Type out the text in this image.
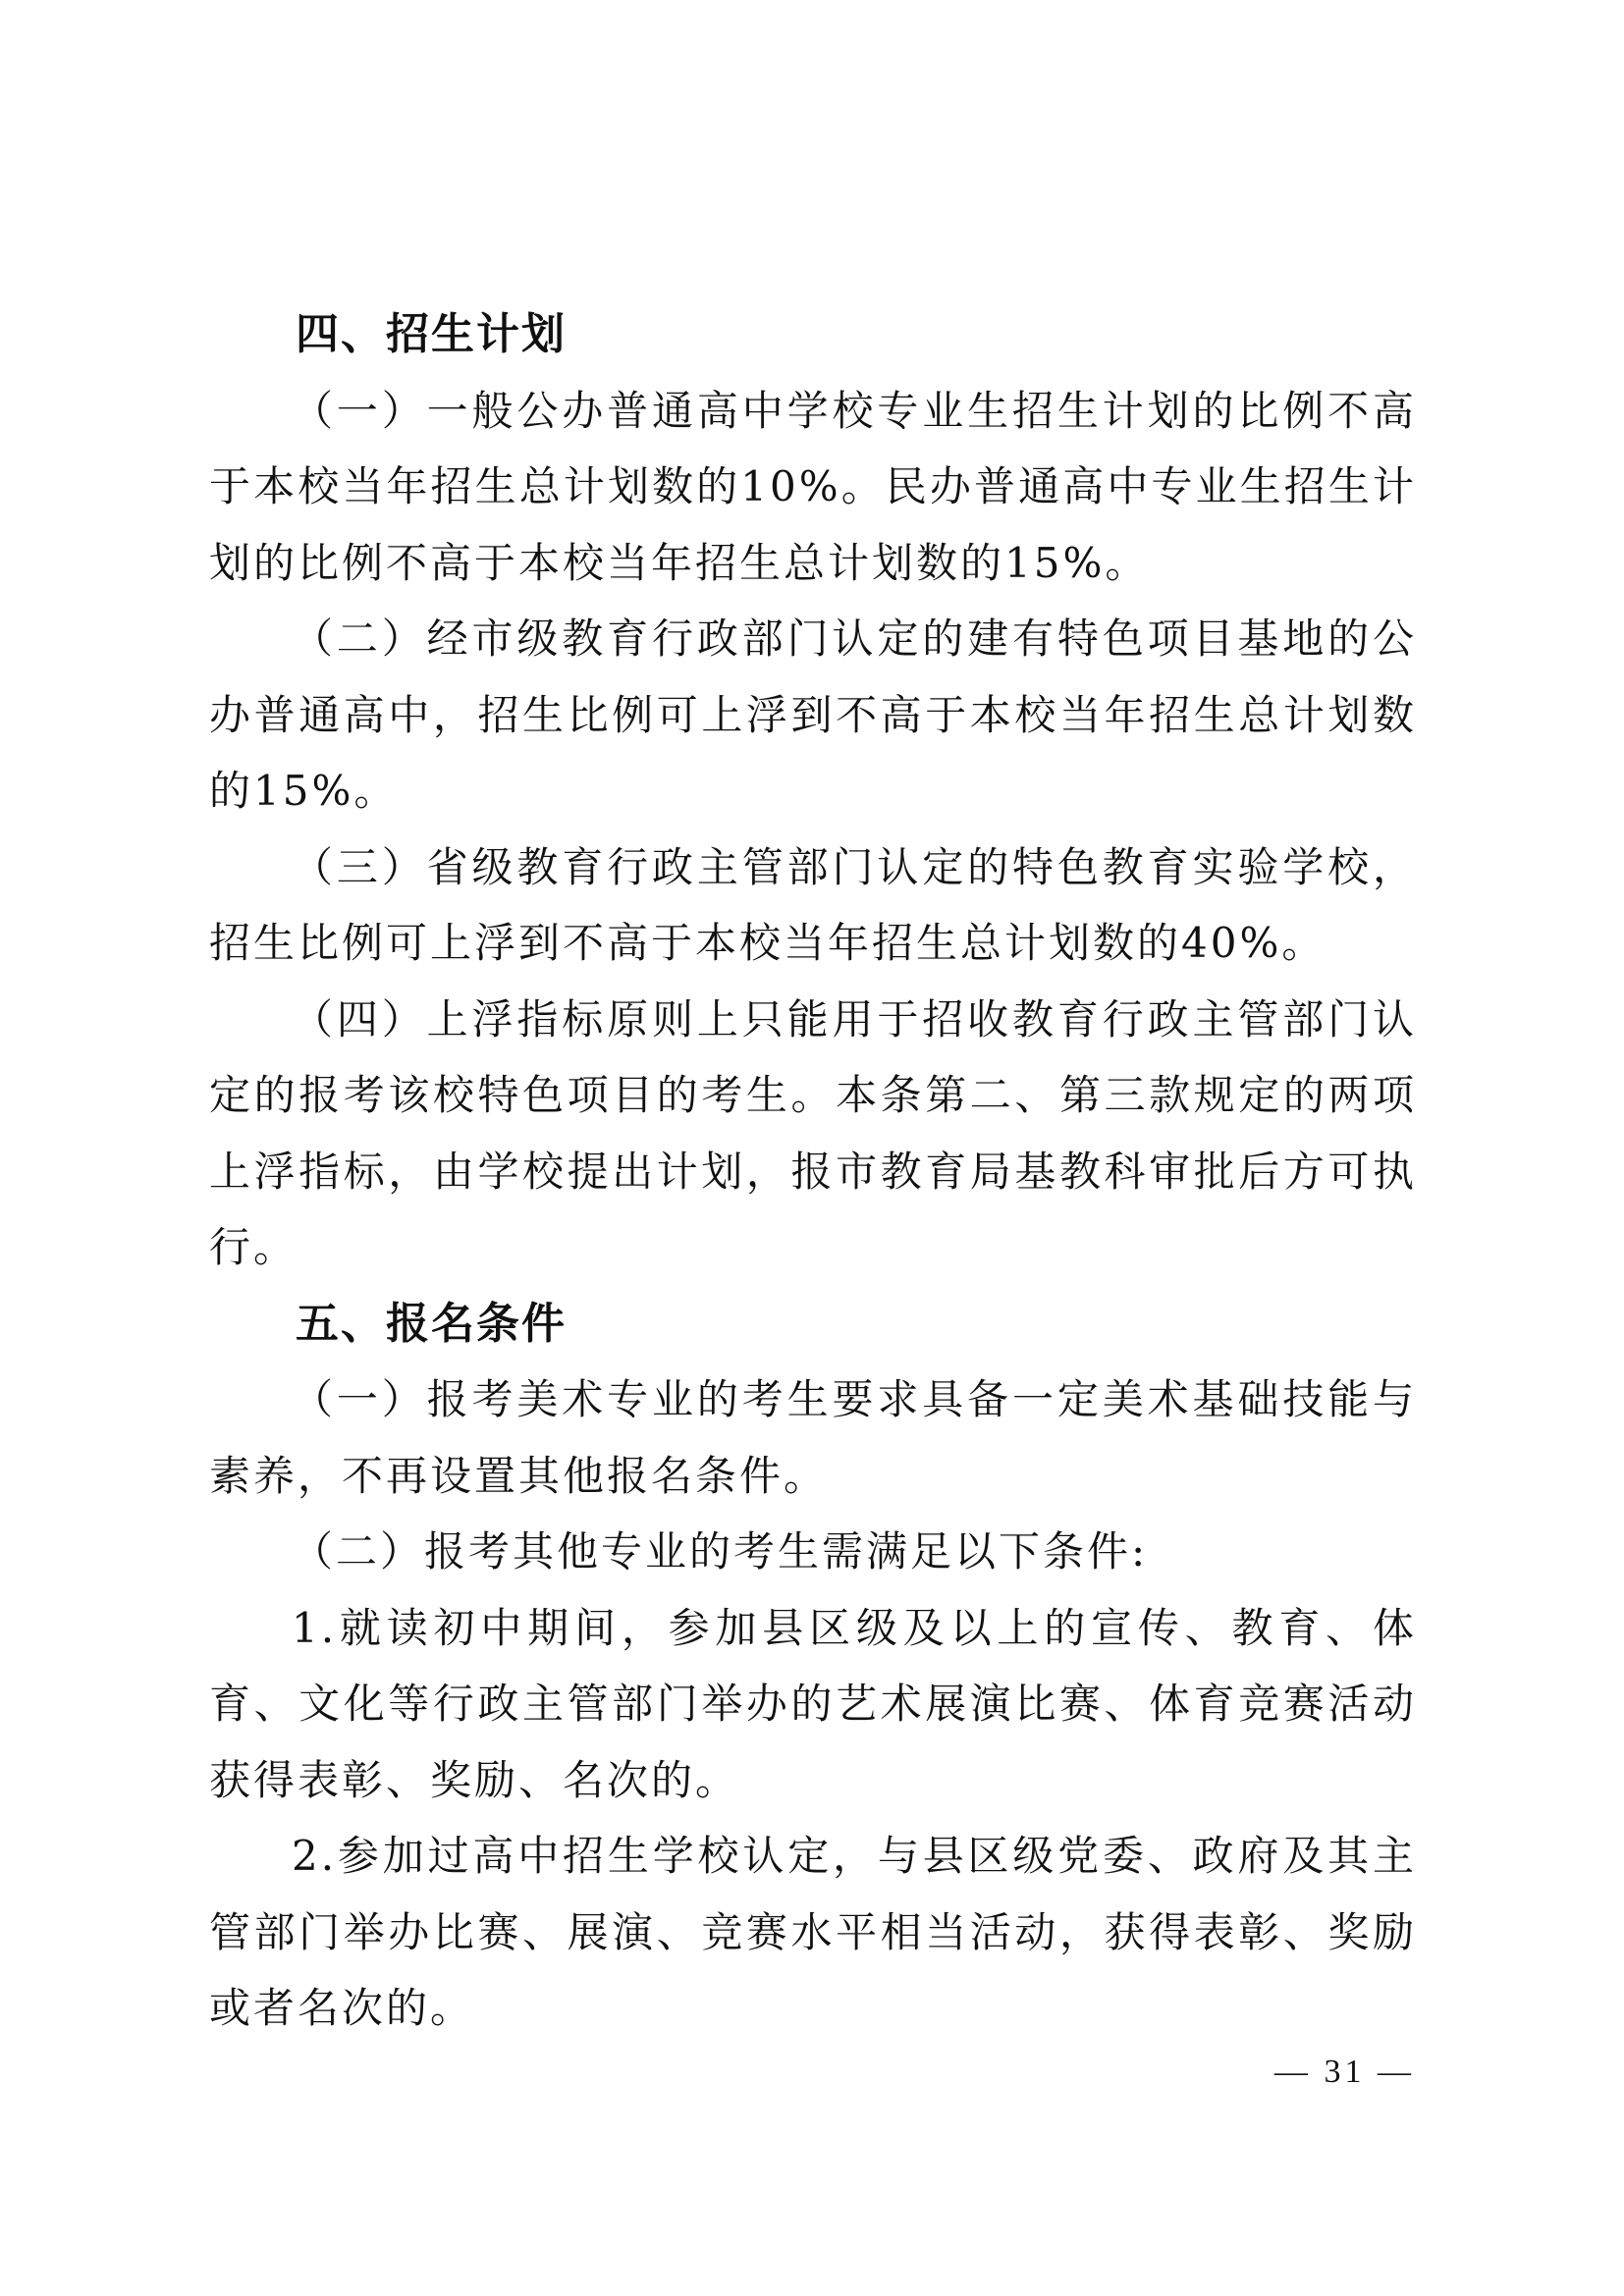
四、招生计划

（一）一般公办普通高中学校专业生招生计划的比例不高于本校当年招生总计划数的10%。民办普通高中专业生招生计划的比例不高于本校当年招生总计划数的15%。

（二）经市级教育行政部门认定的建有特色项目基地的公办普通高中，招生比例可上浮到不高于本校当年招生总计划数的15%。

（三）省级教育行政主管部门认定的特色教育实验学校，招生比例可上浮到不高于本校当年招生总计划数的40%。

（四）上浮指标原则上只能用于招收教育行政主管部门认定的报考该校特色项目的考生。本条第二、第三款规定的两项上浮指标，由学校提出计划，报市教育局基教科审批后方可执行。

五、报名条件

（一）报考美术专业的考生要求具备一定美术基础技能与素养，不再设置其他报名条件。

（二）报考其他专业的考生需满足以下条件:

1.就读初中期间，参加县区级及以上的宣传、教育、体育、文化等行政主管部门举办的艺术展演比赛、体育竞赛活动获得表彰、奖励、名次的。

2.参加过高中招生学校认定，与县区级党委、政府及其主管部门举办比赛、展演、竞赛水平相当活动，获得表彰、奖励或者名次的。

— 31 —
